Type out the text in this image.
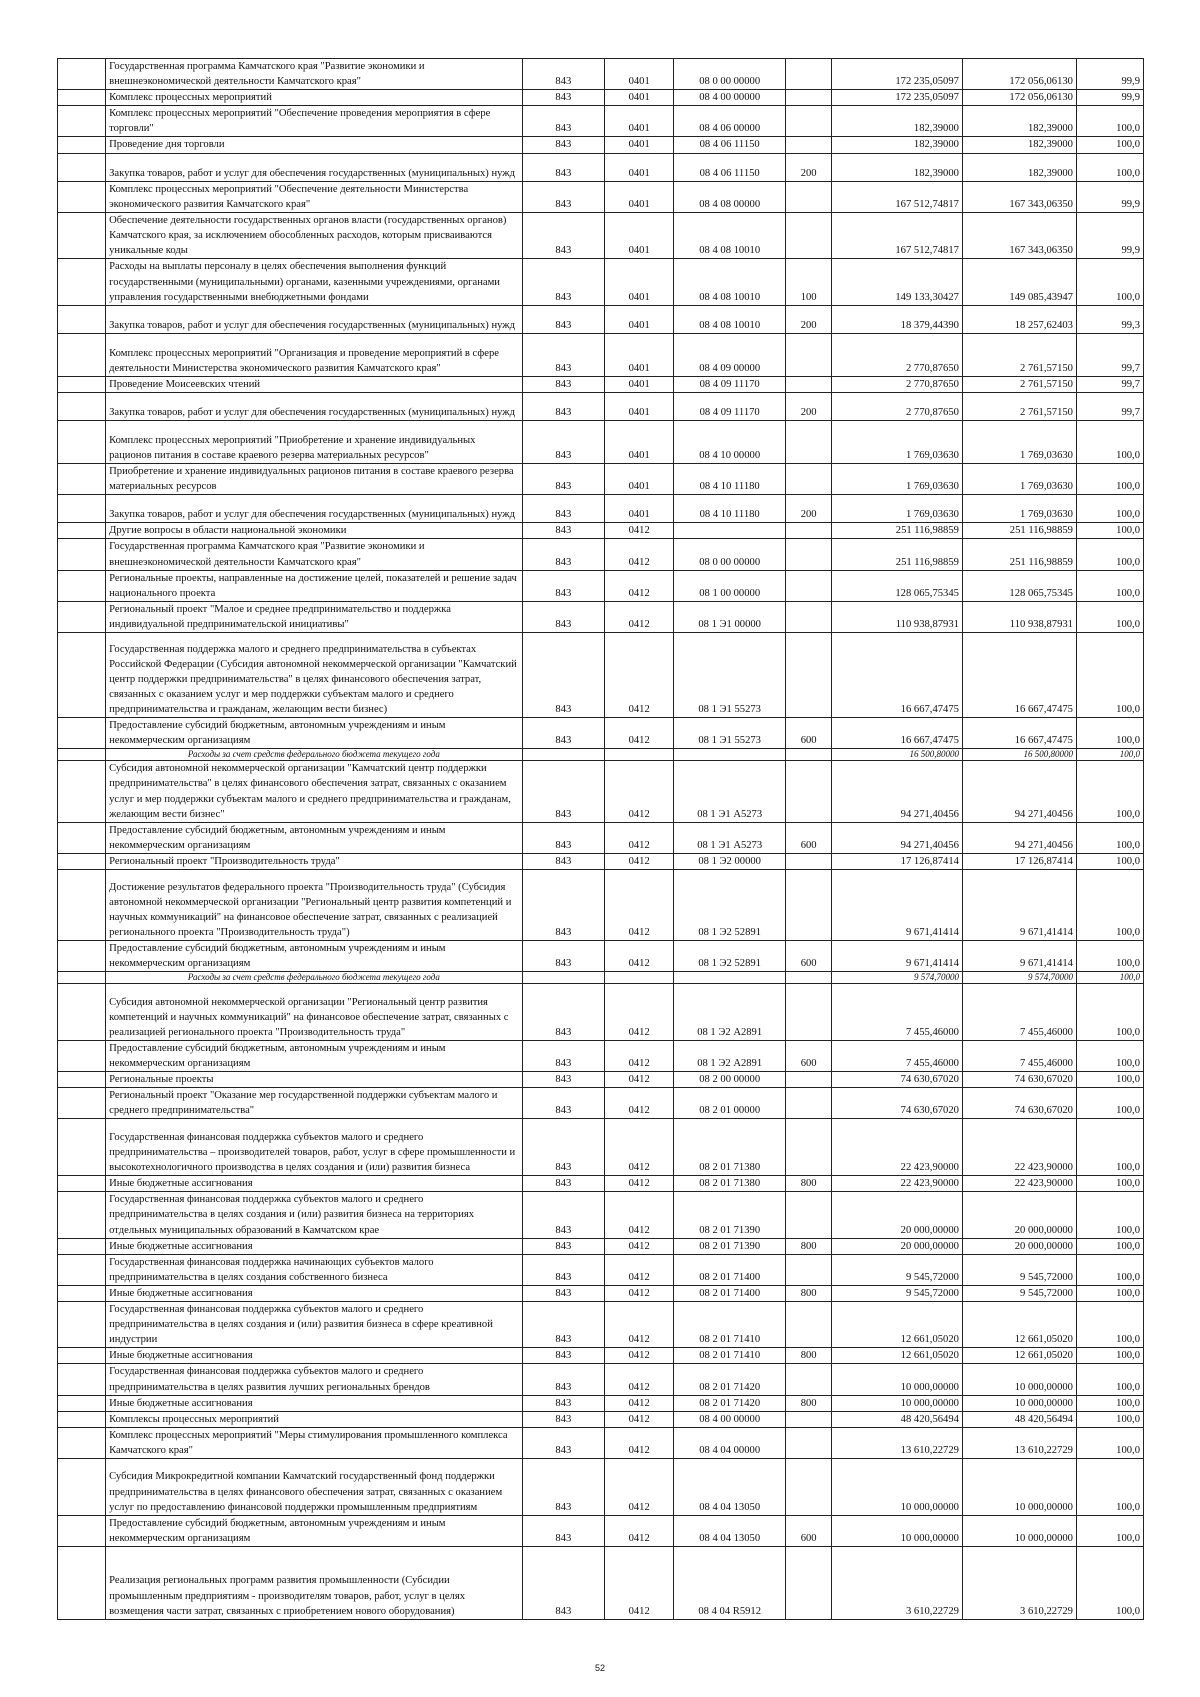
	Государственная программа Камчатского края "Развитие экономики и внешнеэкономической деятельности Камчатского края"	843	0401	08 0 00 00000		172 235,05097	172 056,06130	99,9
	Комплекс процессных мероприятий	843	0401	08 4 00 00000		172 235,05097	172 056,06130	99,9
	Комплекс процессных мероприятий "Обеспечение проведения мероприятия в сфере торговли"	843	0401	08 4 06 00000		182,39000	182,39000	100,0
	Проведение дня торговли	843	0401	08 4 06 11150		182,39000	182,39000	100,0
	Закупка товаров, работ и услуг для обеспечения государственных (муниципальных) нужд	843	0401	08 4 06 11150	200	182,39000	182,39000	100,0
	Комплекс процессных мероприятий "Обеспечение деятельности Министерства экономического развития Камчатского края"	843	0401	08 4 08 00000		167 512,74817	167 343,06350	99,9
	Обеспечение деятельности государственных органов власти (государственных органов) Камчатского края, за исключением обособленных расходов, которым присваиваются уникальные коды	843	0401	08 4 08 10010		167 512,74817	167 343,06350	99,9
	Расходы на выплаты персоналу в целях обеспечения выполнения функций государственными (муниципальными) органами, казенными учреждениями, органами управления государственными внебюджетными фондами	843	0401	08 4 08 10010	100	149 133,30427	149 085,43947	100,0
	Закупка товаров, работ и услуг для обеспечения государственных (муниципальных) нужд	843	0401	08 4 08 10010	200	18 379,44390	18 257,62403	99,3
	Комплекс процессных мероприятий "Организация и проведение мероприятий в сфере деятельности Министерства экономического развития Камчатского края"	843	0401	08 4 09 00000		2 770,87650	2 761,57150	99,7
	Проведение Моисеевских чтений	843	0401	08 4 09 11170		2 770,87650	2 761,57150	99,7
	Закупка товаров, работ и услуг для обеспечения государственных (муниципальных) нужд	843	0401	08 4 09 11170	200	2 770,87650	2 761,57150	99,7
	Комплекс процессных мероприятий "Приобретение и хранение индивидуальных рационов питания в составе краевого резерва материальных ресурсов"	843	0401	08 4 10 00000		1 769,03630	1 769,03630	100,0
	Приобретение и хранение индивидуальных рационов питания в составе краевого резерва материальных ресурсов	843	0401	08 4 10 11180		1 769,03630	1 769,03630	100,0
	Закупка товаров, работ и услуг для обеспечения государственных (муниципальных) нужд	843	0401	08 4 10 11180	200	1 769,03630	1 769,03630	100,0
	Другие вопросы в области национальной экономики	843	0412			251 116,98859	251 116,98859	100,0
	Государственная программа Камчатского края "Развитие экономики и внешнеэкономической деятельности Камчатского края"	843	0412	08 0 00 00000		251 116,98859	251 116,98859	100,0
	Региональные проекты, направленные на достижение целей, показателей и решение задач национального проекта	843	0412	08 1 00 00000		128 065,75345	128 065,75345	100,0
	Региональный проект "Малое и среднее предпринимательство и поддержка индивидуальной предпринимательской инициативы"	843	0412	08 1 Э1 00000		110 938,87931	110 938,87931	100,0
	Государственная поддержка малого и среднего предпринимательства в субъектах Российской Федерации (Субсидия автономной некоммерческой организации "Камчатский центр поддержки предпринимательства" в целях финансового обеспечения затрат, связанных с оказанием услуг и мер поддержки субъектам малого и среднего предпринимательства и гражданам, желающим вести бизнес)	843	0412	08 1 Э1 55273		16 667,47475	16 667,47475	100,0
	Предоставление субсидий бюджетным, автономным учреждениям и иным некоммерческим организациям	843	0412	08 1 Э1 55273	600	16 667,47475	16 667,47475	100,0
	Расходы за счет средств федерального бюджета текущего года					16 500,80000	16 500,80000	100,0
	Субсидия автономной некоммерческой организации "Камчатский центр поддержки предпринимательства" в целях финансового обеспечения затрат, связанных с оказанием услуг и мер поддержки субъектам малого и среднего предпринимательства и гражданам, желающим вести бизнес"	843	0412	08 1 Э1 А5273		94 271,40456	94 271,40456	100,0
	Предоставление субсидий бюджетным, автономным учреждениям и иным некоммерческим организациям	843	0412	08 1 Э1 А5273	600	94 271,40456	94 271,40456	100,0
	Региональный проект "Производительность труда"	843	0412	08 1 Э2 00000		17 126,87414	17 126,87414	100,0
	Достижение результатов федерального проекта "Производительность труда" (Субсидия автономной некоммерческой организации "Региональный центр развития компетенций и научных коммуникаций" на финансовое обеспечение затрат, связанных с реализацией регионального проекта "Производительность труда")	843	0412	08 1 Э2 52891		9 671,41414	9 671,41414	100,0
	Предоставление субсидий бюджетным, автономным учреждениям и иным некоммерческим организациям	843	0412	08 1 Э2 52891	600	9 671,41414	9 671,41414	100,0
	Расходы за счет средств федерального бюджета текущего года					9 574,70000	9 574,70000	100,0
	Субсидия автономной некоммерческой организации "Региональный центр развития компетенций и научных коммуникаций" на финансовое обеспечение затрат, связанных с реализацией регионального проекта "Производительность труда"	843	0412	08 1 Э2 А2891		7 455,46000	7 455,46000	100,0
	Предоставление субсидий бюджетным, автономным учреждениям и иным некоммерческим организациям	843	0412	08 1 Э2 А2891	600	7 455,46000	7 455,46000	100,0
	Региональные проекты	843	0412	08 2 00 00000		74 630,67020	74 630,67020	100,0
	Региональный проект "Оказание мер государственной поддержки субъектам малого и среднего предпринимательства"	843	0412	08 2 01 00000		74 630,67020	74 630,67020	100,0
	Государственная финансовая поддержка субъектов малого и среднего предпринимательства – производителей товаров, работ, услуг в сфере промышленности и высокотехнологичного производства в целях создания и (или) развития бизнеса	843	0412	08 2 01 71380		22 423,90000	22 423,90000	100,0
	Иные бюджетные ассигнования	843	0412	08 2 01 71380	800	22 423,90000	22 423,90000	100,0
	Государственная финансовая поддержка субъектов малого и среднего предпринимательства в целях создания и (или) развития бизнеса на территориях отдельных муниципальных образований в Камчатском крае	843	0412	08 2 01 71390		20 000,00000	20 000,00000	100,0
	Иные бюджетные ассигнования	843	0412	08 2 01 71390	800	20 000,00000	20 000,00000	100,0
	Государственная финансовая поддержка начинающих субъектов малого предпринимательства в целях создания собственного бизнеса	843	0412	08 2 01 71400		9 545,72000	9 545,72000	100,0
	Иные бюджетные ассигнования	843	0412	08 2 01 71400	800	9 545,72000	9 545,72000	100,0
	Государственная финансовая поддержка субъектов малого и среднего предпринимательства в целях создания и (или) развития бизнеса в сфере креативной индустрии	843	0412	08 2 01 71410		12 661,05020	12 661,05020	100,0
	Иные бюджетные ассигнования	843	0412	08 2 01 71410	800	12 661,05020	12 661,05020	100,0
	Государственная финансовая поддержка субъектов малого и среднего предпринимательства в целях развития лучших региональных брендов	843	0412	08 2 01 71420		10 000,00000	10 000,00000	100,0
	Иные бюджетные ассигнования	843	0412	08 2 01 71420	800	10 000,00000	10 000,00000	100,0
	Комплексы процессных мероприятий	843	0412	08 4 00 00000		48 420,56494	48 420,56494	100,0
	Комплекс процессных мероприятий "Меры стимулирования промышленного комплекса Камчатского края"	843	0412	08 4 04 00000		13 610,22729	13 610,22729	100,0
	Субсидия Микрокредитной компании Камчатский государственный фонд поддержки предпринимательства в целях финансового обеспечения затрат, связанных с оказанием услуг по предоставлению финансовой поддержки промышленным предприятиям	843	0412	08 4 04 13050		10 000,00000	10 000,00000	100,0
	Предоставление субсидий бюджетным, автономным учреждениям и иным некоммерческим организациям	843	0412	08 4 04 13050	600	10 000,00000	10 000,00000	100,0
	Реализация региональных программ развития промышленности (Субсидии промышленным предприятиям - производителям товаров, работ, услуг в целях возмещения части затрат, связанных с приобретением нового оборудования)	843	0412	08 4 04 R5912		3 610,22729	3 610,22729	100,0
52
